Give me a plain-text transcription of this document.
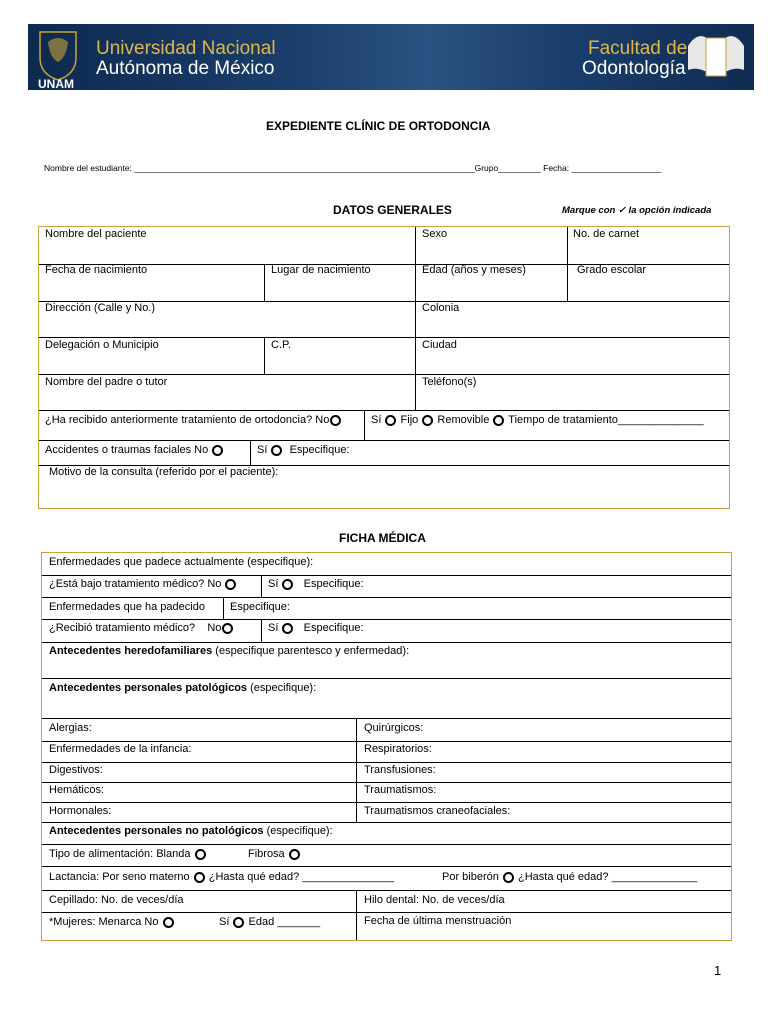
UNAM
Universidad Nacional
Autónoma de México
Facultad de
Odontología
EXPEDIENTE CLÍNIC DE ORTODONCIA
Nombre del estudiante: ________________________________________________________________________Grupo_________ Fecha: ___________________
DATOS GENERALES	Marque con ✓ la opción indicada
Nombre del paciente	Sexo	No. de carnet
Fecha de nacimiento	Lugar de nacimiento	Edad (años y meses)	Grado escolar
Dirección (Calle y No.)	Colonia
Delegación o Municipio	C.P.	Ciudad
Nombre del padre o tutor	Teléfono(s)
¿Ha recibido anteriormente tratamiento de ortodoncia? No	Sí Fijo Removible Tiempo de tratamiento______________
Accidentes o traumas faciales No	Sí Especifique:
Motivo de la consulta (referido por el paciente):
FICHA MÉDICA
Enfermedades que padece actualmente (especifique):
¿Está bajo tratamiento médico? No	Sí Especifique:
Enfermedades que ha padecido Especifique:
¿Recibió tratamiento médico? No	Sí Especifique:
Antecedentes heredofamiliares (especifique parentesco y enfermedad):
Antecedentes personales patológicos (especifique):
Alergias:	Quirúrgicos:
Enfermedades de la infancia:	Respiratorios:
Digestivos:	Transfusiones:
Hemáticos:	Traumatismos:
Hormonales:	Traumatismos craneofaciales:
Antecedentes personales no patológicos (especifique):
Tipo de alimentación: Blanda	Fibrosa
Lactancia: Por seno materno ¿Hasta qué edad? _______________	Por biberón ¿Hasta qué edad? ______________
Cepillado: No. de veces/día	Hilo dental: No. de veces/día
*Mujeres: Menarca No	Sí Edad _______	Fecha de última menstruación
1
